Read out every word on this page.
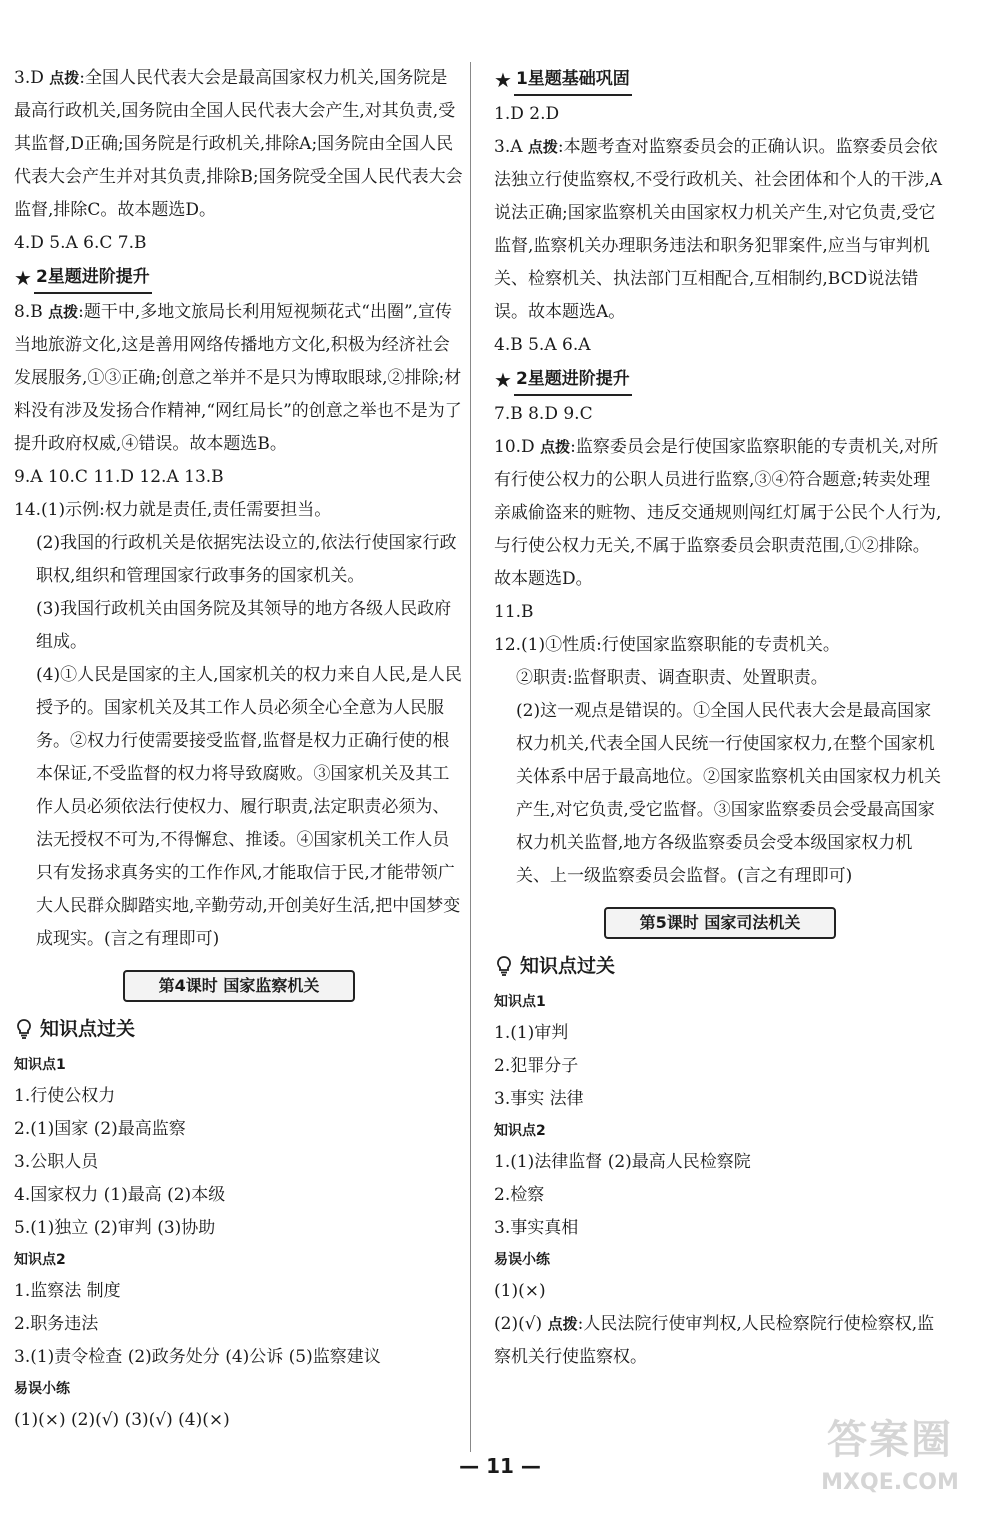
3.D 点拨:全国人民代表大会是最高国家权力机关,国务院是最高行政机关,国务院由全国人民代表大会产生,对其负责,受其监督,D正确;国务院是行政机关,排除A;国务院由全国人民代表大会产生并对其负责,排除B;国务院受全国人民代表大会监督,排除C。故本题选D。

4.D 5.A 6.C 7.B

★ 2星题进阶提升

8.B 点拨:题干中,多地文旅局长利用短视频花式“出圈”,宣传当地旅游文化,这是善用网络传播地方文化,积极为经济社会发展服务,①③正确;创意之举并不是只为博取眼球,②排除;材料没有涉及发扬合作精神,“网红局长”的创意之举也不是为了提升政府权威,④错误。故本题选B。

9.A 10.C 11.D 12.A 13.B

14.(1)示例:权力就是责任,责任需要担当。

(2)我国的行政机关是依据宪法设立的,依法行使国家行政职权,组织和管理国家行政事务的国家机关。

(3)我国行政机关由国务院及其领导的地方各级人民政府组成。

(4)①人民是国家的主人,国家机关的权力来自人民,是人民授予的。国家机关及其工作人员必须全心全意为人民服务。②权力行使需要接受监督,监督是权力正确行使的根本保证,不受监督的权力将导致腐败。③国家机关及其工作人员必须依法行使权力、履行职责,法定职责必须为、法无授权不可为,不得懈怠、推诿。④国家机关工作人员只有发扬求真务实的工作作风,才能取信于民,才能带领广大人民群众脚踏实地,辛勤劳动,开创美好生活,把中国梦变成现实。(言之有理即可)

第4课时 国家监察机关
知识点过关

知识点1

1.行使公权力

2.(1)国家 (2)最高监察

3.公职人员

4.国家权力 (1)最高 (2)本级

5.(1)独立 (2)审判 (3)协助

知识点2

1.监察法 制度

2.职务违法

3.(1)责令检查 (2)政务处分 (4)公诉 (5)监察建议

易误小练

(1)(×) (2)(√) (3)(√) (4)(×)

★ 1星题基础巩固

1.D 2.D

3.A 点拨:本题考查对监察委员会的正确认识。监察委员会依法独立行使监察权,不受行政机关、社会团体和个人的干涉,A说法正确;国家监察机关由国家权力机关产生,对它负责,受它监督,监察机关办理职务违法和职务犯罪案件,应当与审判机关、检察机关、执法部门互相配合,互相制约,BCD说法错误。故本题选A。

4.B 5.A 6.A

★ 2星题进阶提升

7.B 8.D 9.C

10.D 点拨:监察委员会是行使国家监察职能的专责机关,对所有行使公权力的公职人员进行监察,③④符合题意;转卖处理亲戚偷盗来的赃物、违反交通规则闯红灯属于公民个人行为,与行使公权力无关,不属于监察委员会职责范围,①②排除。故本题选D。

11.B

12.(1)①性质:行使国家监察职能的专责机关。

②职责:监督职责、调查职责、处置职责。

(2)这一观点是错误的。①全国人民代表大会是最高国家权力机关,代表全国人民统一行使国家权力,在整个国家机关体系中居于最高地位。②国家监察机关由国家权力机关产生,对它负责,受它监督。③国家监察委员会受最高国家权力机关监督,地方各级监察委员会受本级国家权力机关、上一级监察委员会监督。(言之有理即可)

第5课时 国家司法机关
知识点过关

知识点1

1.(1)审判

2.犯罪分子

3.事实 法律

知识点2

1.(1)法律监督 (2)最高人民检察院

2.检察

3.事实真相

易误小练

(1)(×)

(2)(√) 点拨:人民法院行使审判权,人民检察院行使检察权,监察机关行使监察权。

— 11 —
答案圈
MXQE.COM
